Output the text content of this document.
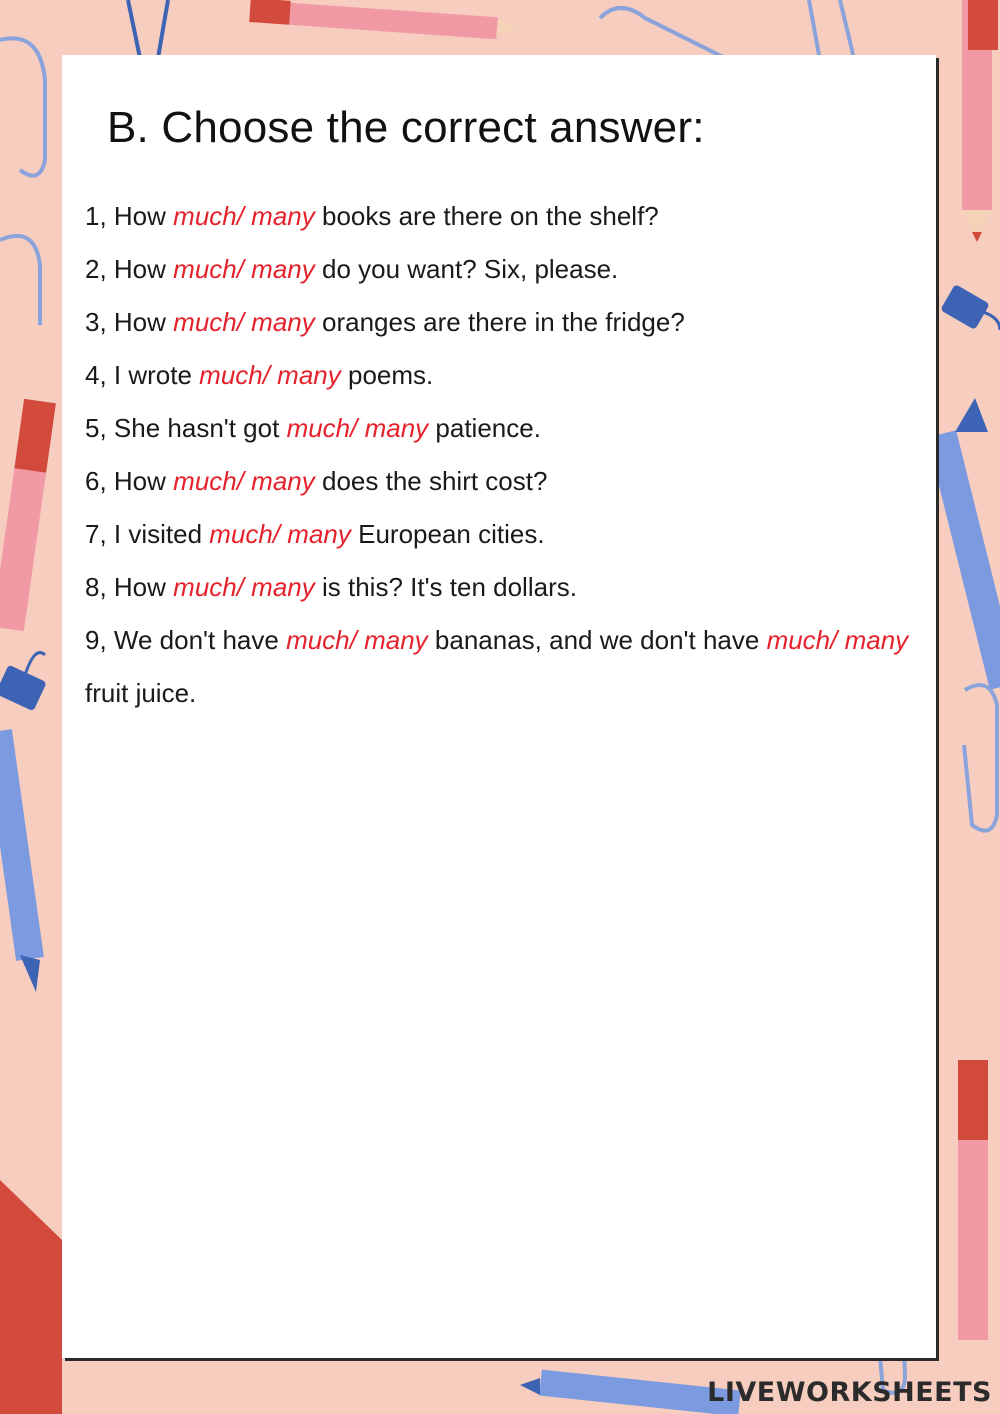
B. Choose the correct answer:
1, How much/ many books are there on the shelf?
2, How much/ many do you want? Six, please.
3, How much/ many oranges are there in the fridge?
4, I wrote much/ many poems.
5, She hasn't got much/ many patience.
6, How much/ many does the shirt cost?
7, I visited much/ many European cities.
8, How much/ many is this? It's ten dollars.
9, We don't have much/ many bananas, and we don't have much/ many
fruit juice.
LIVEWORKSHEETS
